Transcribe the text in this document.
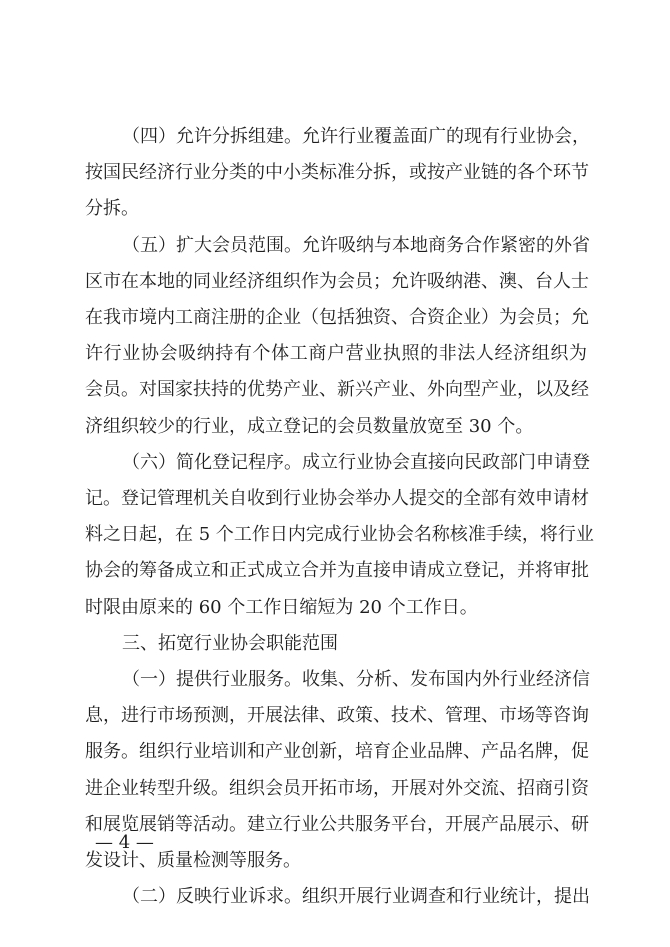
（四）允许分拆组建。允许行业覆盖面广的现有行业协会，
按国民经济行业分类的中小类标准分拆，或按产业链的各个环节
分拆。
（五）扩大会员范围。允许吸纳与本地商务合作紧密的外省
区市在本地的同业经济组织作为会员；允许吸纳港、澳、台人士
在我市境内工商注册的企业（包括独资、合资企业）为会员；允
许行业协会吸纳持有个体工商户营业执照的非法人经济组织为
会员。对国家扶持的优势产业、新兴产业、外向型产业，以及经
济组织较少的行业，成立登记的会员数量放宽至 30 个。
（六）简化登记程序。成立行业协会直接向民政部门申请登
记。登记管理机关自收到行业协会举办人提交的全部有效申请材
料之日起，在 5 个工作日内完成行业协会名称核准手续，将行业
协会的筹备成立和正式成立合并为直接申请成立登记，并将审批
时限由原来的 60 个工作日缩短为 20 个工作日。
三、拓宽行业协会职能范围
（一）提供行业服务。收集、分析、发布国内外行业经济信
息，进行市场预测，开展法律、政策、技术、管理、市场等咨询
服务。组织行业培训和产业创新，培育企业品牌、产品名牌，促
进企业转型升级。组织会员开拓市场，开展对外交流、招商引资
和展览展销等活动。建立行业公共服务平台，开展产品展示、研
发设计、质量检测等服务。
（二）反映行业诉求。组织开展行业调查和行业统计，提出
— 4 —
